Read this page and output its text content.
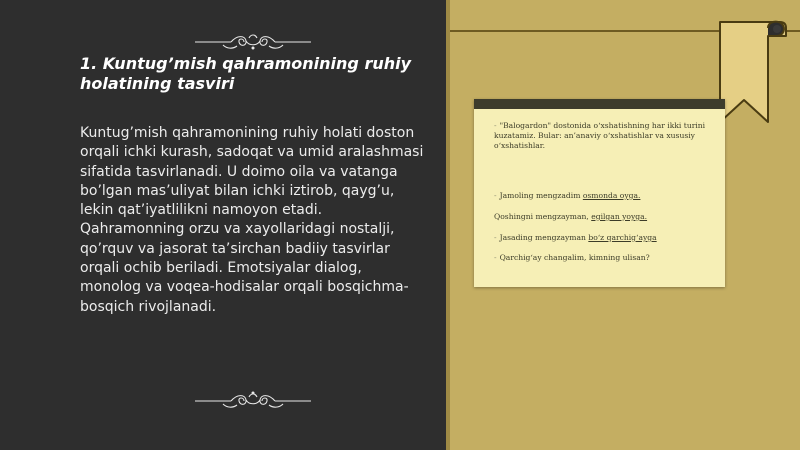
1. Kuntug’mish qahramonining ruhiy
holatining tasviri

Kuntug’mish qahramonining ruhiy holati doston orqali ichki kurash, sadoqat va umid aralashmasi sifatida tasvirlanadi. U doimo oila va vatanga bo’lgan mas’uliyat bilan ichki iztirob, qayg’u, lekin qat’iyatlilikni namoyon etadi. Qahramonning orzu va xayollaridagi nostalji, qo’rquv va jasorat ta’sirchan badiiy tasvirlar orqali ochib beriladi. Emotsiyalar dialog, monolog va voqea-hodisalar orqali bosqichma-bosqich rivojlanadi.

- "Balogardon" dostonida o‘xshatishning har ikki turini kuzatamiz. Bular: an’anaviy o‘xshatishlar va xususiy o‘xshatishlar.

- Jamoling mengzadim osmonda oyga.

Qoshingni mengzayman, egilgan yoyga.

- Jasading mengzayman bo‘z qarchig‘ayga

- Qarchig‘ay changalim, kimning ulisan?
